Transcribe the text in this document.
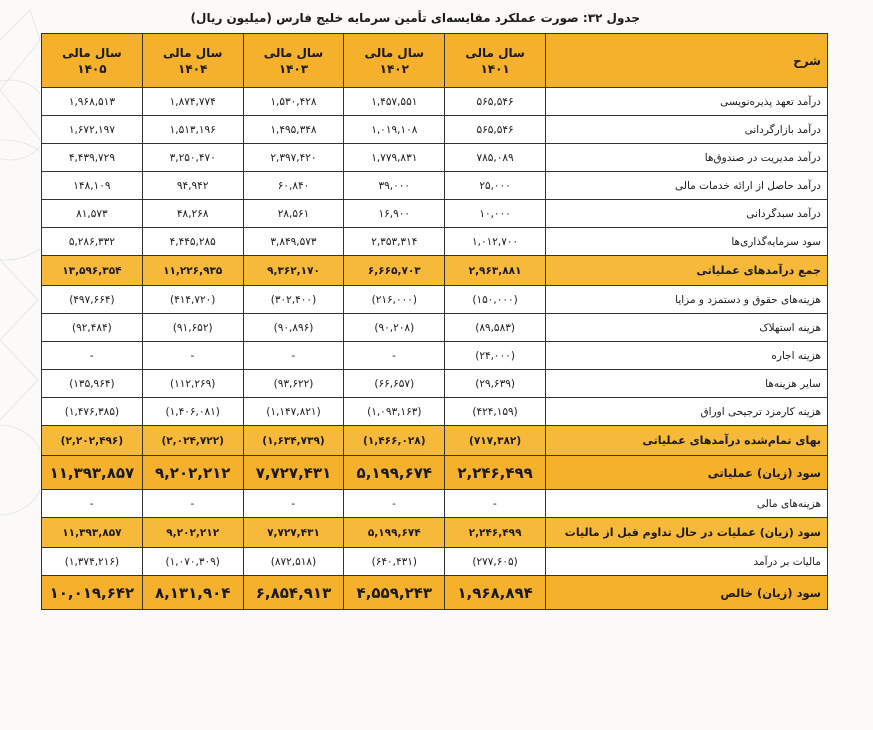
جدول ۳۲: صورت عملکرد مقایسه‌ای تأمین سرمایه خلیج فارس (میلیون ریال)
شرح	سال مالی ۱۴۰۱	سال مالی ۱۴۰۲	سال مالی ۱۴۰۳	سال مالی ۱۴۰۴	سال مالی ۱۴۰۵
درآمد تعهد پذیره‌نویسی	۵۶۵,۵۴۶	۱,۴۵۷,۵۵۱	۱,۵۳۰,۴۲۸	۱,۸۷۴,۷۷۴	۱,۹۶۸,۵۱۳
درآمد بازارگردانی	۵۶۵,۵۴۶	۱,۰۱۹,۱۰۸	۱,۴۹۵,۳۴۸	۱,۵۱۳,۱۹۶	۱,۶۷۲,۱۹۷
درآمد مدیریت در صندوق‌ها	۷۸۵,۰۸۹	۱,۷۷۹,۸۳۱	۲,۳۹۷,۴۲۰	۳,۲۵۰,۴۷۰	۴,۴۳۹,۷۲۹
درآمد حاصل از ارائه خدمات مالی	۲۵,۰۰۰	۳۹,۰۰۰	۶۰,۸۴۰	۹۴,۹۴۲	۱۴۸,۱۰۹
درآمد سبدگردانی	۱۰,۰۰۰	۱۶,۹۰۰	۲۸,۵۶۱	۴۸,۲۶۸	۸۱,۵۷۳
سود سرمایه‌گذاری‌ها	۱,۰۱۲,۷۰۰	۲,۳۵۳,۳۱۴	۳,۸۴۹,۵۷۳	۴,۴۴۵,۲۸۵	۵,۲۸۶,۳۳۲
جمع درآمدهای عملیاتی	۲,۹۶۳,۸۸۱	۶,۶۶۵,۷۰۳	۹,۳۶۲,۱۷۰	۱۱,۲۲۶,۹۳۵	۱۳,۵۹۶,۳۵۴
هزینه‌های حقوق و دستمزد و مزایا	(۱۵۰,۰۰۰)	(۲۱۶,۰۰۰)	(۳۰۲,۴۰۰)	(۴۱۴,۷۲۰)	(۴۹۷,۶۶۴)
هزینه استهلاک	(۸۹,۵۸۳)	(۹۰,۲۰۸)	(۹۰,۸۹۶)	(۹۱,۶۵۲)	(۹۲,۴۸۴)
هزینه اجاره	(۲۴,۰۰۰)	-	-	-	-
سایر هزینه‌ها	(۲۹,۶۳۹)	(۶۶,۶۵۷)	(۹۳,۶۲۲)	(۱۱۲,۲۶۹)	(۱۳۵,۹۶۴)
هزینه کارمزد ترجیحی اوراق	(۴۲۴,۱۵۹)	(۱,۰۹۳,۱۶۳)	(۱,۱۴۷,۸۲۱)	(۱,۴۰۶,۰۸۱)	(۱,۴۷۶,۳۸۵)
بهای تمام‌شده درآمدهای عملیاتی	(۷۱۷,۳۸۲)	(۱,۴۶۶,۰۲۸)	(۱,۶۳۴,۷۳۹)	(۲,۰۲۴,۷۲۲)	(۲,۲۰۲,۴۹۶)
سود (زیان) عملیاتی	۲,۲۴۶,۴۹۹	۵,۱۹۹,۶۷۴	۷,۷۲۷,۴۳۱	۹,۲۰۲,۲۱۲	۱۱,۳۹۳,۸۵۷
هزینه‌های مالی	-	-	-	-	-
سود (زیان) عملیات در حال تداوم قبل از مالیات	۲,۲۴۶,۴۹۹	۵,۱۹۹,۶۷۴	۷,۷۲۷,۴۳۱	۹,۲۰۲,۲۱۲	۱۱,۳۹۳,۸۵۷
مالیات بر درآمد	(۲۷۷,۶۰۵)	(۶۴۰,۴۳۱)	(۸۷۲,۵۱۸)	(۱,۰۷۰,۳۰۹)	(۱,۳۷۴,۲۱۶)
سود (زیان) خالص	۱,۹۶۸,۸۹۴	۴,۵۵۹,۲۴۳	۶,۸۵۴,۹۱۳	۸,۱۳۱,۹۰۴	۱۰,۰۱۹,۶۴۲
